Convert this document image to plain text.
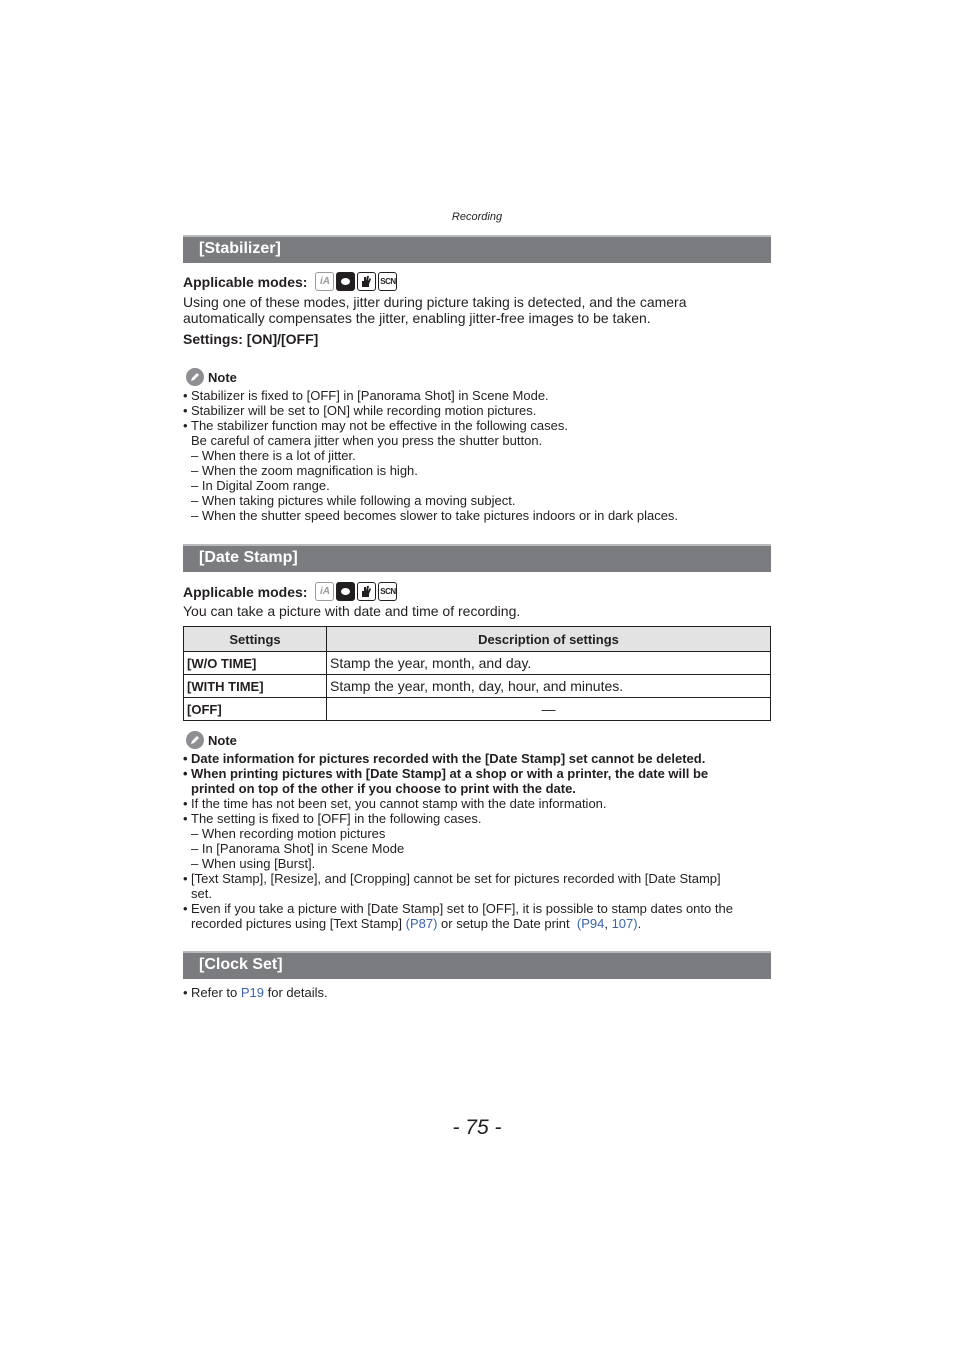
Recording
[Stabilizer]
Applicable modes:	iA	SCN
Using one of these modes, jitter during picture taking is detected, and the camera
automatically compensates the jitter, enabling jitter-free images to be taken.
Settings: [ON]/[OFF]
Note
• Stabilizer is fixed to [OFF] in [Panorama Shot] in Scene Mode.
• Stabilizer will be set to [ON] while recording motion pictures.
• The stabilizer function may not be effective in the following cases.
Be careful of camera jitter when you press the shutter button.
– When there is a lot of jitter.
– When the zoom magnification is high.
– In Digital Zoom range.
– When taking pictures while following a moving subject.
– When the shutter speed becomes slower to take pictures indoors or in dark places.
[Date Stamp]
Applicable modes:	iA	SCN
You can take a picture with date and time of recording.
Settings	Description of settings
[W/O TIME]	Stamp the year, month, and day.
[WITH TIME]	Stamp the year, month, day, hour, and minutes.
[OFF]	—
Note
• Date information for pictures recorded with the [Date Stamp] set cannot be deleted.
• When printing pictures with [Date Stamp] at a shop or with a printer, the date will be
printed on top of the other if you choose to print with the date.
• If the time has not been set, you cannot stamp with the date information.
• The setting is fixed to [OFF] in the following cases.
– When recording motion pictures
– In [Panorama Shot] in Scene Mode
– When using [Burst].
• [Text Stamp], [Resize], and [Cropping] cannot be set for pictures recorded with [Date Stamp]
set.
• Even if you take a picture with [Date Stamp] set to [OFF], it is possible to stamp dates onto the
recorded pictures using [Text Stamp] (P87) or setup the Date print  (P94, 107).
[Clock Set]
• Refer to P19 for details.
- 75 -
